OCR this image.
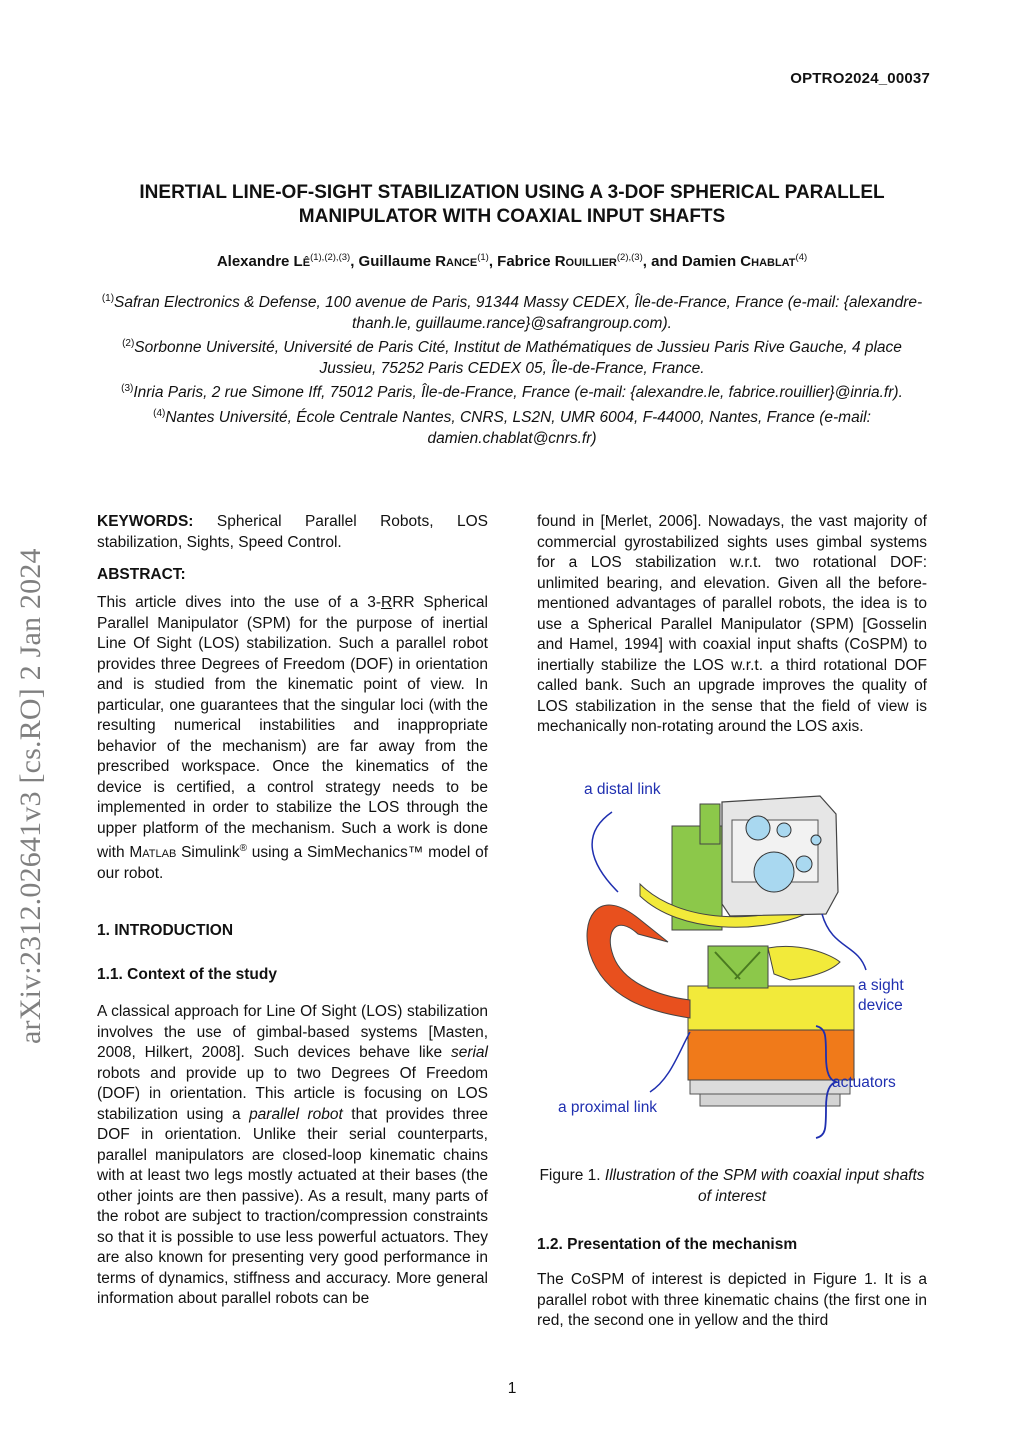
OPTRO2024_00037
INERTIAL LINE-OF-SIGHT STABILIZATION USING A 3-DOF SPHERICAL PARALLEL
MANIPULATOR WITH COAXIAL INPUT SHAFTS
Alexandre $Lê^{(1),(2),(3)}$, Guillaume Rance$^{(1)}$, Fabrice Rouillier$^{(2),(3)}$, and Damien Chablat$^{(4)}$
$^{(1)}$Safran Electronics & Defense, 100 avenue de Paris, 91344 Massy CEDEX, Île-de-France, France (e-mail: {alexandre-thanh.le, guillaume.rance}@safrangroup.com).
$^{(2)}$Sorbonne Université, Université de Paris Cité, Institut de Mathématiques de Jussieu Paris Rive Gauche, 4 place Jussieu, 75252 Paris CEDEX 05, Île-de-France, France.
$^{(3)}$Inria Paris, 2 rue Simone Iff, 75012 Paris, Île-de-France, France (e-mail: {alexandre.le, fabrice.rouillier}@inria.fr).
$^{(4)}$Nantes Université, École Centrale Nantes, CNRS, LS2N, UMR 6004, F-44000, Nantes, France (e-mail: damien.chablat@cnrs.fr)
arXiv:2312.02641v3 [cs.RO] 2 Jan 2024
KEYWORDS: Spherical Parallel Robots, LOS stabilization, Sights, Speed Control.
ABSTRACT:
This article dives into the use of a 3-RRR Spherical Parallel Manipulator (SPM) for the purpose of inertial Line Of Sight (LOS) stabilization. Such a parallel robot provides three Degrees of Freedom (DOF) in orientation and is studied from the kinematic point of view. In particular, one guarantees that the singular loci (with the resulting numerical instabilities and inappropriate behavior of the mechanism) are far away from the prescribed workspace. Once the kinematics of the device is certified, a control strategy needs to be implemented in order to stabilize the LOS through the upper platform of the mechanism. Such a work is done with Matlab Simulink® using a SimMechanics™ model of our robot.
1. INTRODUCTION
1.1. Context of the study
A classical approach for Line Of Sight (LOS) stabilization involves the use of gimbal-based systems [Masten, 2008, Hilkert, 2008]. Such devices behave like serial robots and provide up to two Degrees Of Freedom (DOF) in orientation. This article is focusing on LOS stabilization using a parallel robot that provides three DOF in orientation. Unlike their serial counterparts, parallel manipulators are closed-loop kinematic chains with at least two legs mostly actuated at their bases (the other joints are then passive). As a result, many parts of the robot are subject to traction/compression constraints so that it is possible to use less powerful actuators. They are also known for presenting very good performance in terms of dynamics, stiffness and accuracy. More general information about parallel robots can be
found in [Merlet, 2006]. Nowadays, the vast majority of commercial gyrostabilized sights uses gimbal systems for a LOS stabilization w.r.t. two rotational DOF: unlimited bearing, and elevation. Given all the before-mentioned advantages of parallel robots, the idea is to use a Spherical Parallel Manipulator (SPM) [Gosselin and Hamel, 1994] with coaxial input shafts (CoSPM) to inertially stabilize the LOS w.r.t. a third rotational DOF called bank. Such an upgrade improves the quality of LOS stabilization in the sense that the field of view is mechanically non-rotating around the LOS axis.
a distal link
a sight
device
actuators
a proximal link
Figure 1. Illustration of the SPM with coaxial input shafts of interest
1.2. Presentation of the mechanism
The CoSPM of interest is depicted in Figure 1. It is a parallel robot with three kinematic chains (the first one in red, the second one in yellow and the third
1
